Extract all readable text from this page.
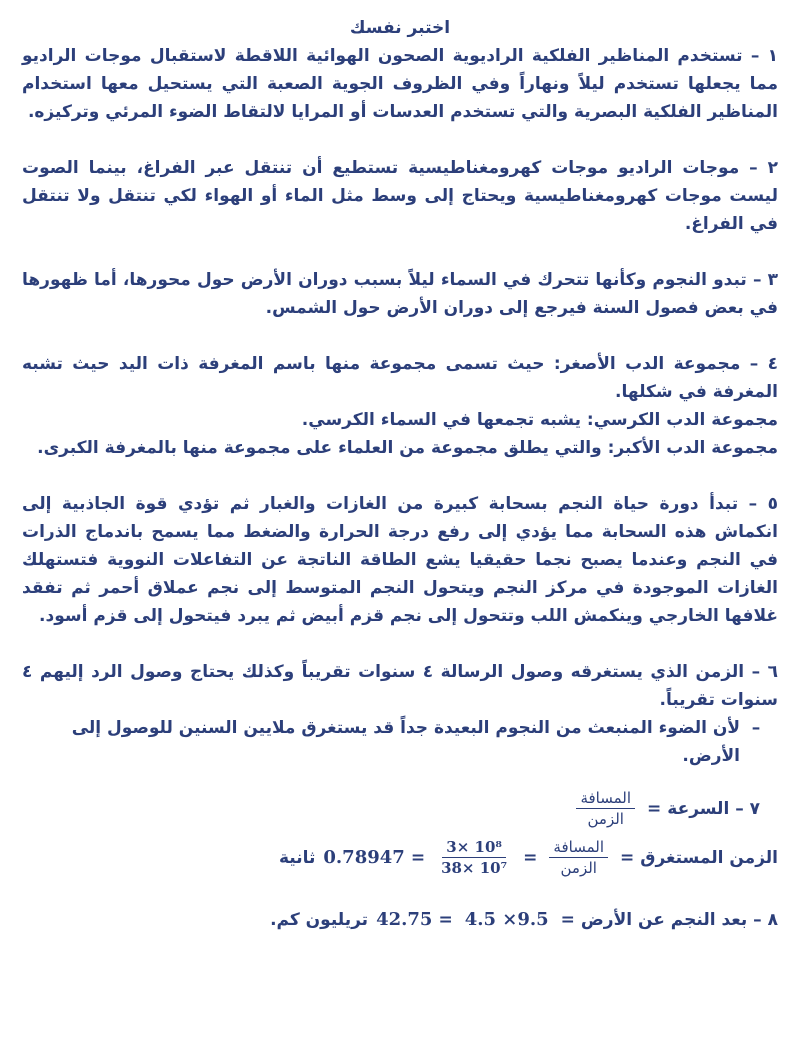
اختبر نفسك

١ – تستخدم المناظير الفلكية الراديوية الصحون الهوائية اللاقطة لاستقبال موجات الراديو مما يجعلها تستخدم ليلاً ونهاراً وفي الظروف الجوية الصعبة التي يستحيل معها استخدام المناظير الفلكية البصرية والتي تستخدم العدسات أو المرايا لالتقاط الضوء المرئي وتركيزه.

٢ – موجات الراديو موجات كهرومغناطيسية تستطيع أن تنتقل عبر الفراغ، بينما الصوت ليست موجات كهرومغناطيسية ويحتاج إلى وسط مثل الماء أو الهواء لكي تنتقل ولا تنتقل في الفراغ.

٣ – تبدو النجوم وكأنها تتحرك في السماء ليلاً بسبب دوران الأرض حول محورها، أما ظهورها في بعض فصول السنة فيرجع إلى دوران الأرض حول الشمس.

٤ – مجموعة الدب الأصغر: حيث تسمى مجموعة منها باسم المغرفة ذات اليد حيث تشبه المغرفة في شكلها.

مجموعة الدب الكرسي: يشبه تجمعها في السماء الكرسي.

مجموعة الدب الأكبر: والتي يطلق مجموعة من العلماء على مجموعة منها بالمغرفة الكبرى.

٥ – تبدأ دورة حياة النجم بسحابة كبيرة من الغازات والغبار ثم تؤدي قوة الجاذبية إلى انكماش هذه السحابة مما يؤدي إلى رفع درجة الحرارة والضغط مما يسمح باندماج الذرات في النجم وعندما يصبح نجما حقيقيا يشع الطاقة الناتجة عن التفاعلات النووية فتستهلك الغازات الموجودة في مركز النجم ويتحول النجم المتوسط إلى نجم عملاق أحمر ثم تفقد غلافها الخارجي وينكمش اللب وتتحول إلى نجم قزم أبيض ثم يبرد فيتحول إلى قزم أسود.

٦ – الزمن الذي يستغرقه وصول الرسالة ٤ سنوات تقريباً وكذلك يحتاج وصول الرد إليهم ٤ سنوات تقريباً.

–
لأن الضوء المنبعث من النجوم البعيدة جداً قد يستغرق ملايين السنين للوصول إلى الأرض.
٧ – السرعة
=
$\frac{\text{المسافة}}{\text{الزمن}}$
الزمن المستغرق
=
$\frac{\text{المسافة}}{\text{الزمن}}$
=
$\frac{\text{3× 10⁸}}{\text{38× 10⁷}}$
=
0.78947
ثانية
٨ – بعد النجم عن الأرض
=
4.5 ×9.5
=
42.75
تريليون كم.
